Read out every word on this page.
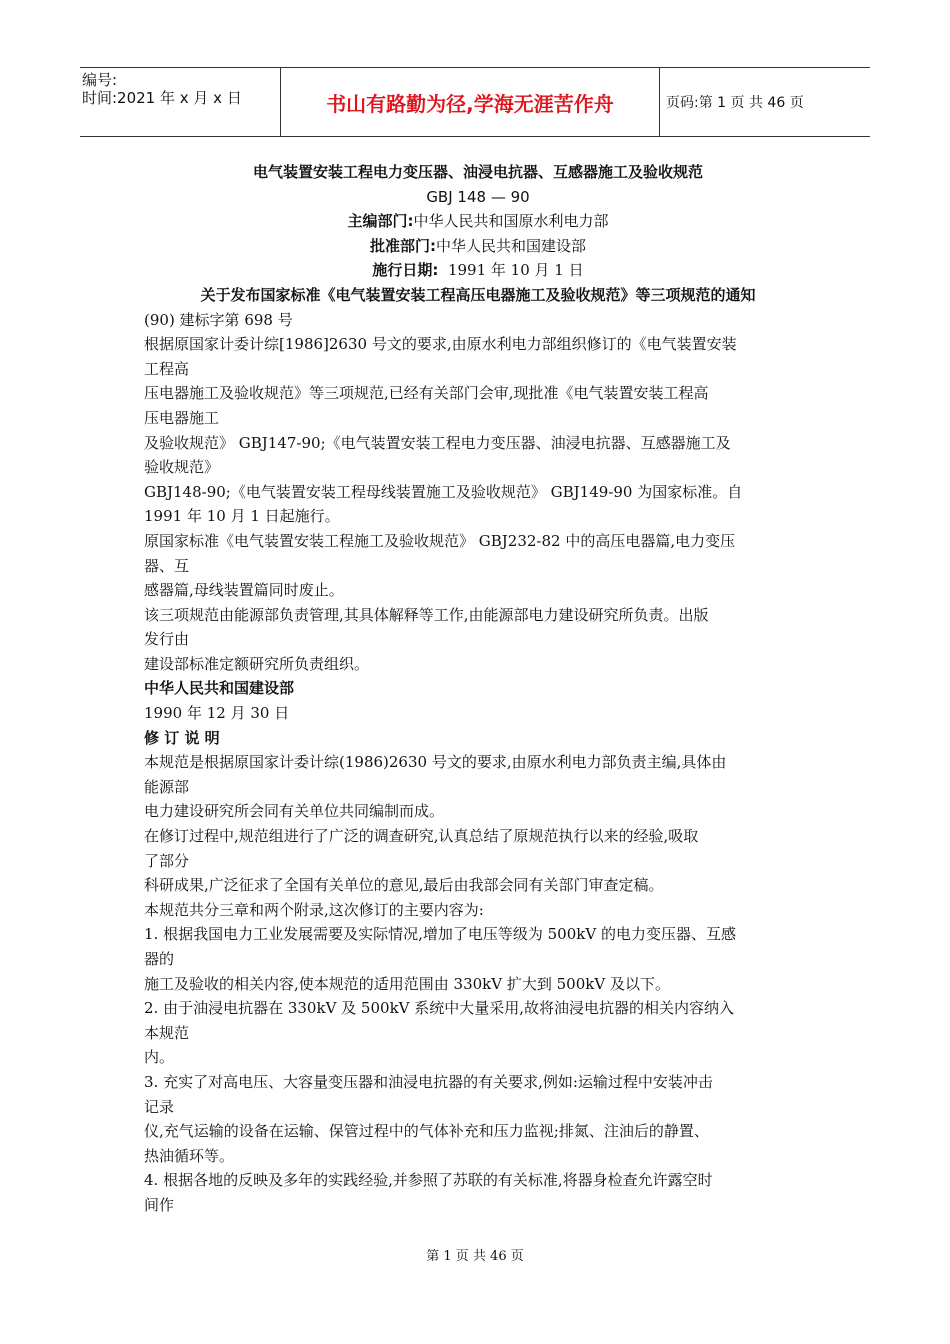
编号:
时间:2021 年 x 月 x 日	书山有路勤为径,学海无涯苦作舟	页码:第 1 页 共 46 页
电气装置安装工程电力变压器、油浸电抗器、互感器施工及验收规范
GBJ 148 — 90
主编部门:中华人民共和国原水利电力部
批准部门:中华人民共和国建设部
施行日期: 1991 年 10 月 1 日
关于发布国家标准《电气装置安装工程高压电器施工及验收规范》等三项规范的通知
(90) 建标字第 698 号
根据原国家计委计综[1986]2630 号文的要求,由原水利电力部组织修订的《电气装置安装
工程高
压电器施工及验收规范》等三项规范,已经有关部门会审,现批准《电气装置安装工程高
压电器施工
及验收规范》 GBJ147-90;《电气装置安装工程电力变压器、油浸电抗器、互感器施工及
验收规范》
GBJ148-90;《电气装置安装工程母线装置施工及验收规范》 GBJ149-90 为国家标准。自
1991 年 10 月 1 日起施行。
原国家标准《电气装置安装工程施工及验收规范》 GBJ232-82 中的高压电器篇,电力变压
器、互
感器篇,母线装置篇同时废止。
该三项规范由能源部负责管理,其具体解释等工作,由能源部电力建设研究所负责。出版
发行由
建设部标准定额研究所负责组织。
中华人民共和国建设部
1990 年 12 月 30 日
修 订 说 明
本规范是根据原国家计委计综(1986)2630 号文的要求,由原水利电力部负责主编,具体由
能源部
电力建设研究所会同有关单位共同编制而成。
在修订过程中,规范组进行了广泛的调查研究,认真总结了原规范执行以来的经验,吸取
了部分
科研成果,广泛征求了全国有关单位的意见,最后由我部会同有关部门审查定稿。
本规范共分三章和两个附录,这次修订的主要内容为:
1. 根据我国电力工业发展需要及实际情况,增加了电压等级为 500kV 的电力变压器、互感
器的
施工及验收的相关内容,使本规范的适用范围由 330kV 扩大到 500kV 及以下。
2. 由于油浸电抗器在 330kV 及 500kV 系统中大量采用,故将油浸电抗器的相关内容纳入
本规范
内。
3. 充实了对高电压、大容量变压器和油浸电抗器的有关要求,例如:运输过程中安装冲击
记录
仪,充气运输的设备在运输、保管过程中的气体补充和压力监视;排氮、注油后的静置、
热油循环等。
4. 根据各地的反映及多年的实践经验,并参照了苏联的有关标准,将器身检查允许露空时
间作
第 1 页 共 46 页
